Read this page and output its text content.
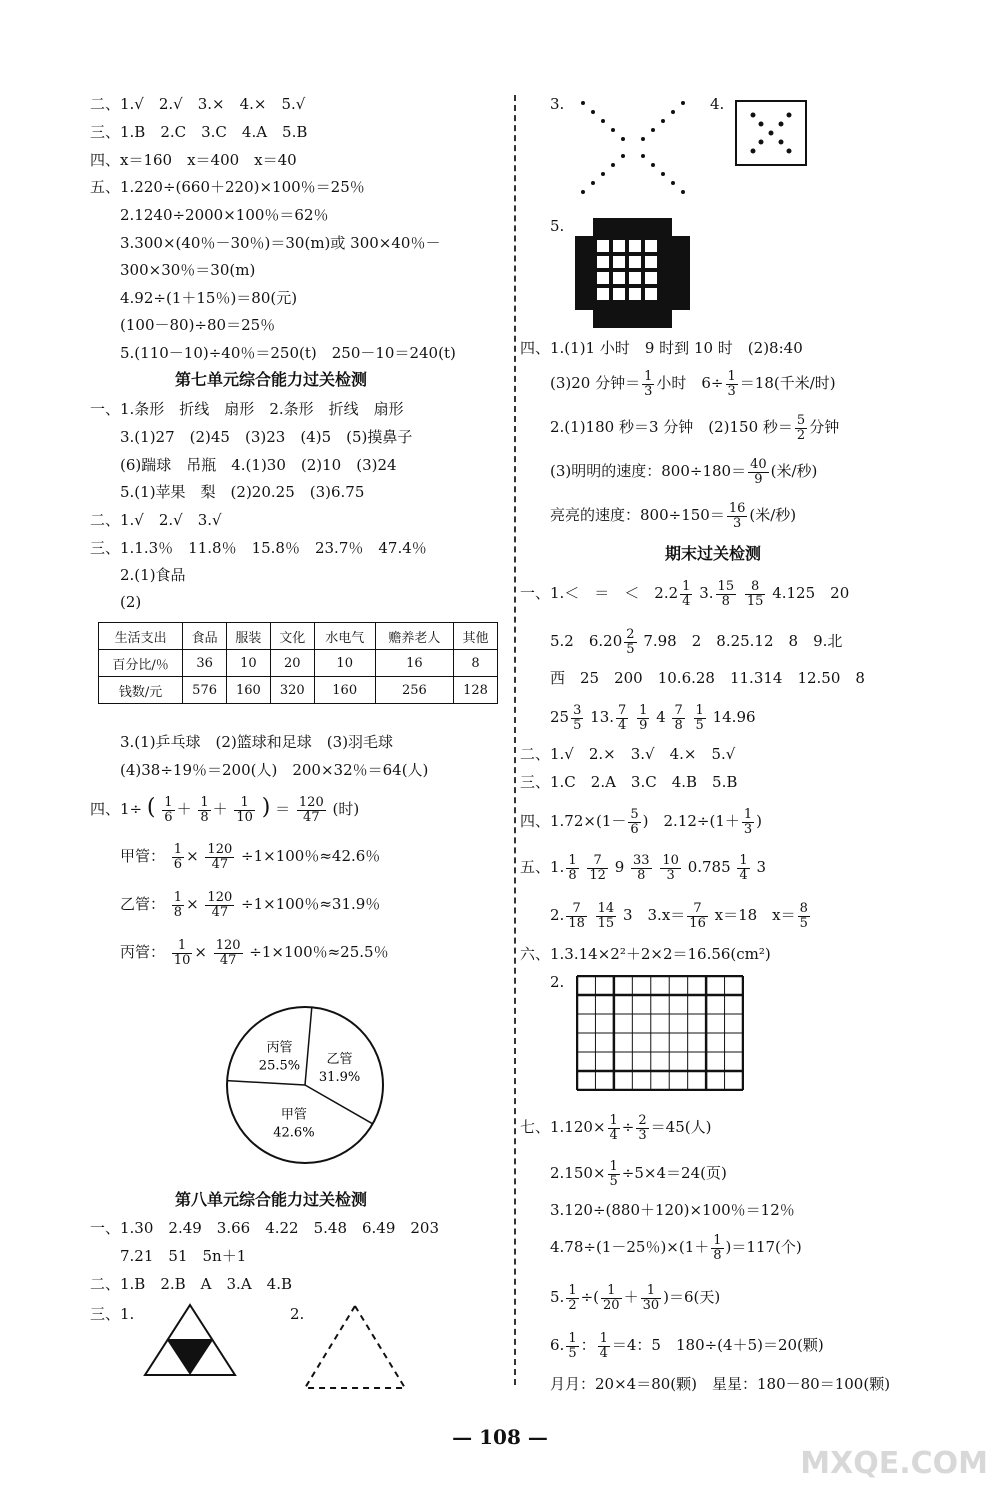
二、1.√　2.√　3.×　4.×　5.√
三、1.B　2.C　3.C　4.A　5.B
四、x＝160　x＝400　x＝40
五、1.220÷(660＋220)×100％＝25％
2.1240÷2000×100％＝62％
3.300×(40％－30％)＝30(m)或 300×40％－
300×30％＝30(m)
4.92÷(1＋15％)＝80(元)
(100－80)÷80＝25％
5.(110－10)÷40％＝250(t)　250－10＝240(t)
第七单元综合能力过关检测
一、1.条形　折线　扇形　2.条形　折线　扇形
3.(1)27　(2)45　(3)23　(4)5　(5)摸鼻子
(6)踹球　吊瓶　4.(1)30　(2)10　(3)24
5.(1)苹果　梨　(2)20.25　(3)6.75
二、1.√　2.√　3.√
三、1.1.3％　11.8％　15.8％　23.7％　47.4％
2.(1)食品
(2)
生活支出	食品	服装	文化	水电气	赡养老人	其他
百分比/％	36	10	20	10	16	8
钱数/元	576	160	320	160	256	128
3.(1)乒乓球　(2)篮球和足球　(3)羽毛球
(4)38÷19％＝200(人)　200×32％＝64(人)
四、1÷ ( $\frac{1}{6} + \frac{1}{8} + \frac{1}{10}$ ) ＝ $\frac{120}{47}$ (时)
甲管： $\frac{1}{6} \times \frac{120}{47} \div 1\times 100$％≈42.6％
乙管： $\frac{1}{8} \times \frac{120}{47} \div 1\times 100$％≈31.9％
丙管： $\frac{1}{10} \times \frac{120}{47} \div 1\times 100$％≈25.5％
乙管
31.9%
甲管
42.6%
丙管
25.5%
第八单元综合能力过关检测
一、1.30　2.49　3.66　4.22　5.48　6.49　203
7.21　51　5n＋1
二、1.B　2.B　A　3.A　4.B
三、1.	2.
3.	4.
5.
四、1.(1)1 小时　9 时到 10 时　(2)8:40
(3)20 分钟＝ $\frac{1}{3}$ 小时　$6\div \frac{1}{3} =18$(千米/时)
2.(1)180 秒＝3 分钟　(2)150 秒＝ $\frac{5}{2}$ 分钟
(3)明明的速度：$800\div 180= \frac{40}{9}$ (米/秒)
亮亮的速度：$800\div 150= \frac{16}{3}$ (米/秒)
期末过关检测
一、1.＜　＝　＜　$2.2 \frac{1}{4} 3$. $\frac{15}{8}$
$\frac{8}{15} 4.125$　20
5.2　$6.20 \frac{2}{5} 7.98$　2　8.25.12　8　9.北
西　25　200　10.6.28　11.314　12.50　8
$25 \frac{3}{5} 13$. $\frac{7}{4}$
$\frac{1}{9} 4 \frac{7}{8}$
$\frac{1}{5} 14.96$
二、1.√　2.×　3.√　4.×　5.√
三、1.C　2.A　3.C　4.B　5.B
四、$1.72\times(1- \frac{5}{6}$ )　$2.12\div(1+ \frac{1}{3}$ )
五、1. $\frac{1}{8}$
$\frac{7}{12} 9 \frac{33}{8}$
$\frac{10}{3} 0.785 \frac{1}{4} 3$
2. $\frac{7}{18}$
$\frac{14}{15} 3$　$3.x= \frac{7}{16} x=18$　$x= \frac{8}{5}$
六、1.3.14×2²＋2×2＝16.56(cm²)
2.
七、$1.120\times \frac{1}{4} \div \frac{2}{3} =45$(人)
$2.150\times \frac{1}{5} \div 5\times 4=24$(页)
3.120÷(880＋120)×100％＝12％
4.78÷(1－25％)$\times(1+ \frac{1}{8} )=117$(个)
5. $\frac{1}{2}$ ÷( $\frac{1}{20} + \frac{1}{30} )=6$(天)
6. $\frac{1}{5}$ ： $\frac{1}{4} =4$：5　180÷(4＋5)＝20(颗)
月月：20×4＝80(颗)　星星：180－80＝100(颗)
— 108 —
MXQE.COM
